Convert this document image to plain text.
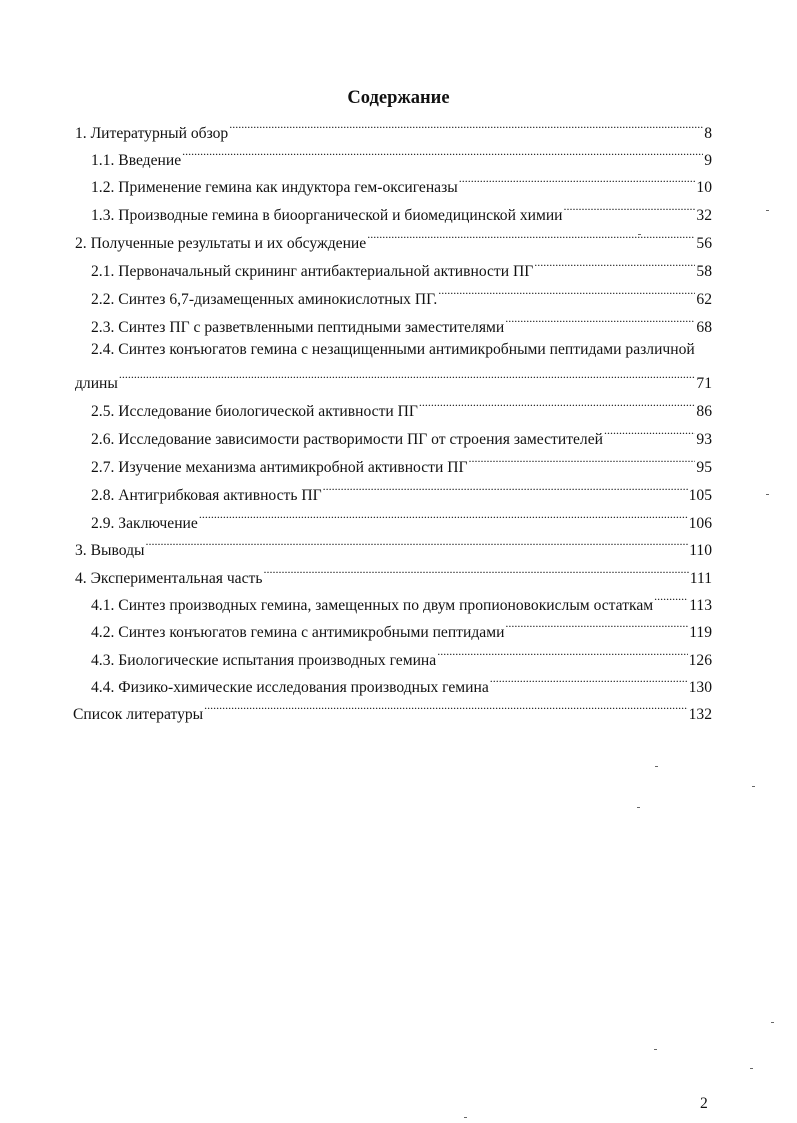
Содержание
1. Литературный обзор .....	8
1.1. Введение .....	9
1.2. Применение гемина как индуктора гем-оксигеназы .....	10
1.3. Производные гемина в биоорганической и биомедицинской химии .....	32
2. Полученные результаты и их обсуждение .....	56
2.1. Первоначальный скрининг антибактериальной активности ПГ .....	58
2.2. Синтез 6,7-дизамещенных аминокислотных ПГ. .....	62
2.3. Синтез ПГ с разветвленными пептидными заместителями .....	68
2.4. Синтез конъюгатов гемина с незащищенными антимикробными пептидами различной
длины .....	71
2.5. Исследование биологической активности ПГ .....	86
2.6. Исследование зависимости растворимости ПГ от строения заместителей .....	93
2.7. Изучение механизма антимикробной активности ПГ .....	95
2.8. Антигрибковая активность ПГ .....	105
2.9. Заключение .....	106
3. Выводы .....	110
4. Экспериментальная часть .....	111
4.1. Синтез производных гемина, замещенных по двум пропионовокислым остаткам ..... 113
4.2. Синтез конъюгатов гемина с антимикробными пептидами .....	119
4.3. Биологические испытания производных гемина .....	126
4.4. Физико-химические исследования производных гемина .....	130
Список литературы .....	132
2
